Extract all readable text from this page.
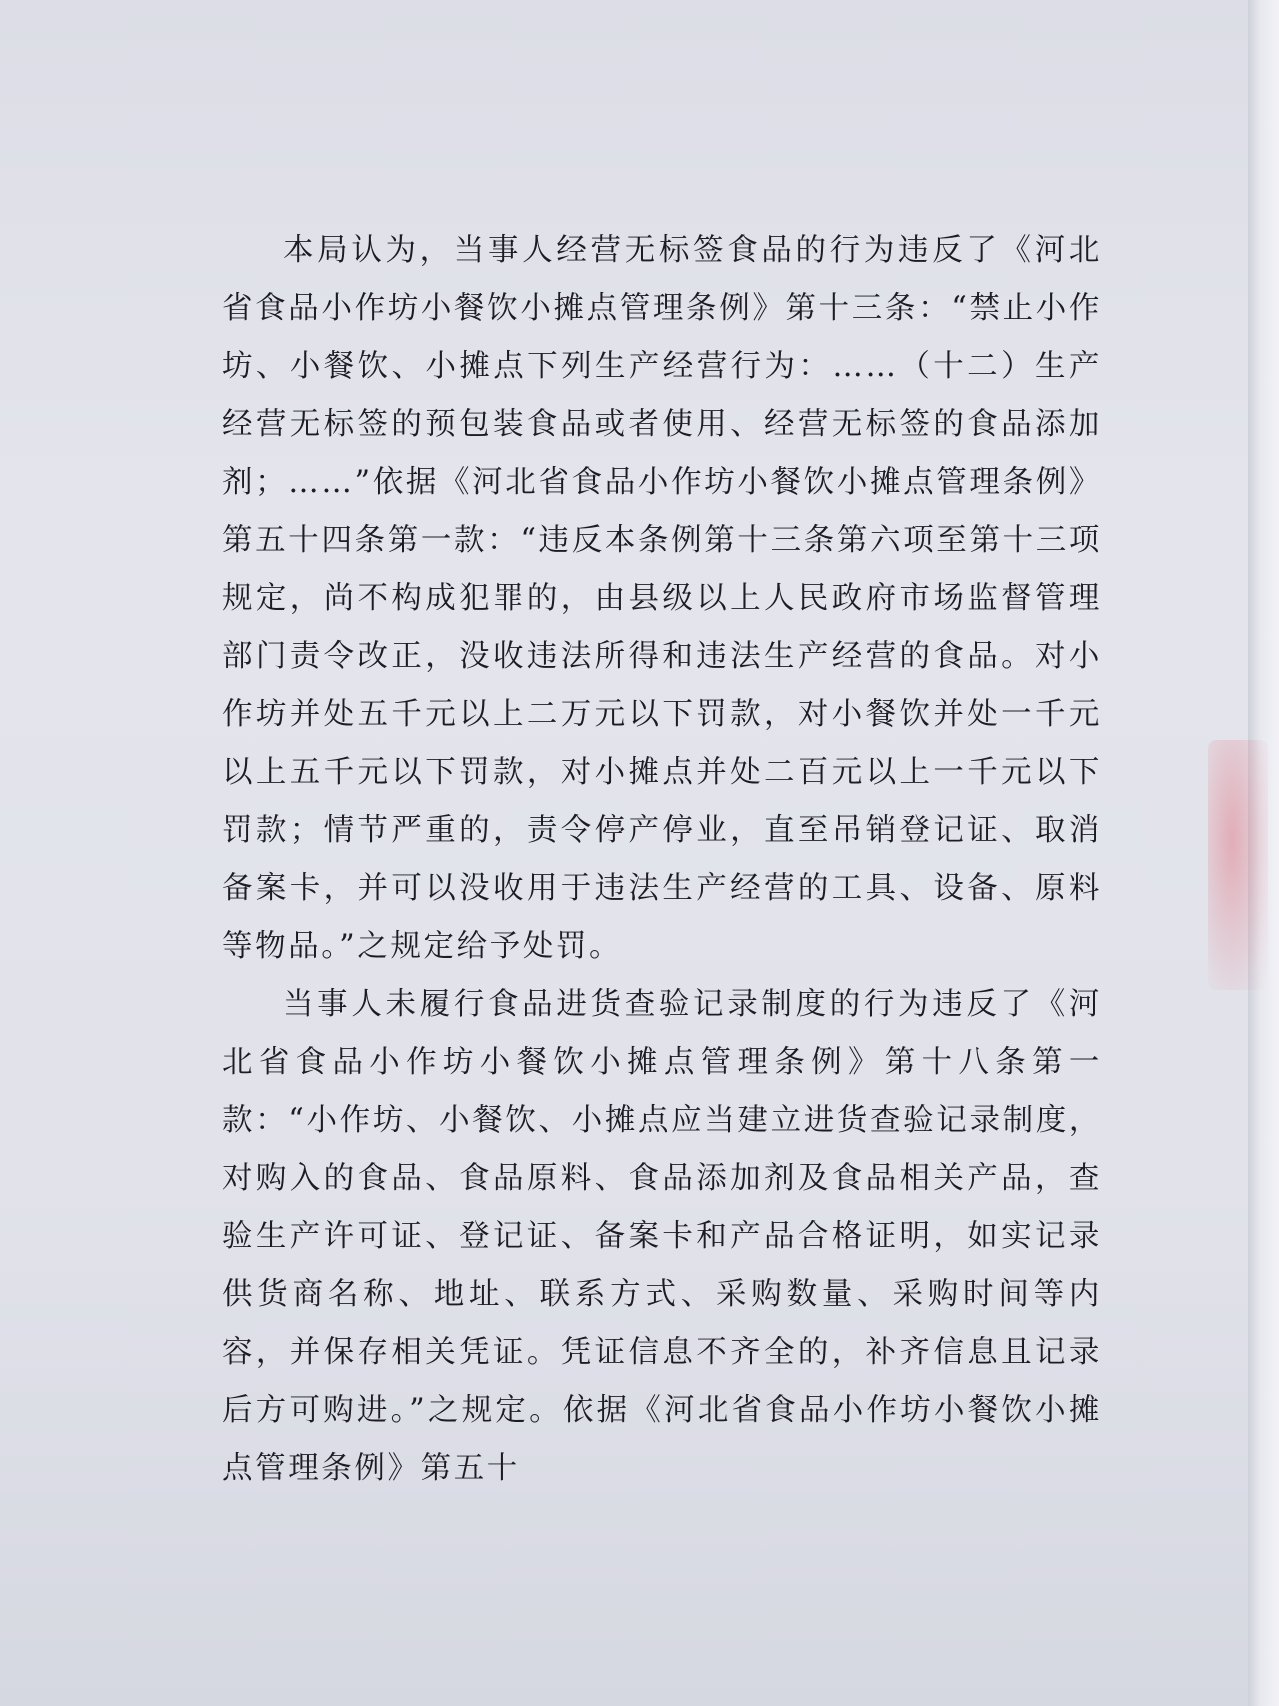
本局认为，当事人经营无标签食品的行为违反了《河北省食品小作坊小餐饮小摊点管理条例》第十三条：“禁止小作坊、小餐饮、小摊点下列生产经营行为：……（十二）生产经营无标签的预包装食品或者使用、经营无标签的食品添加剂；……”依据《河北省食品小作坊小餐饮小摊点管理条例》第五十四条第一款：“违反本条例第十三条第六项至第十三项规定，尚不构成犯罪的，由县级以上人民政府市场监督管理部门责令改正，没收违法所得和违法生产经营的食品。对小作坊并处五千元以上二万元以下罚款，对小餐饮并处一千元以上五千元以下罚款，对小摊点并处二百元以上一千元以下罚款；情节严重的，责令停产停业，直至吊销登记证、取消备案卡，并可以没收用于违法生产经营的工具、设备、原料等物品。”之规定给予处罚。

当事人未履行食品进货查验记录制度的行为违反了《河北省食品小作坊小餐饮小摊点管理条例》第十八条第一款：“小作坊、小餐饮、小摊点应当建立进货查验记录制度，对购入的食品、食品原料、食品添加剂及食品相关产品，查验生产许可证、登记证、备案卡和产品合格证明，如实记录供货商名称、地址、联系方式、采购数量、采购时间等内容，并保存相关凭证。凭证信息不齐全的，补齐信息且记录后方可购进。”之规定。依据《河北省食品小作坊小餐饮小摊点管理条例》第五十
